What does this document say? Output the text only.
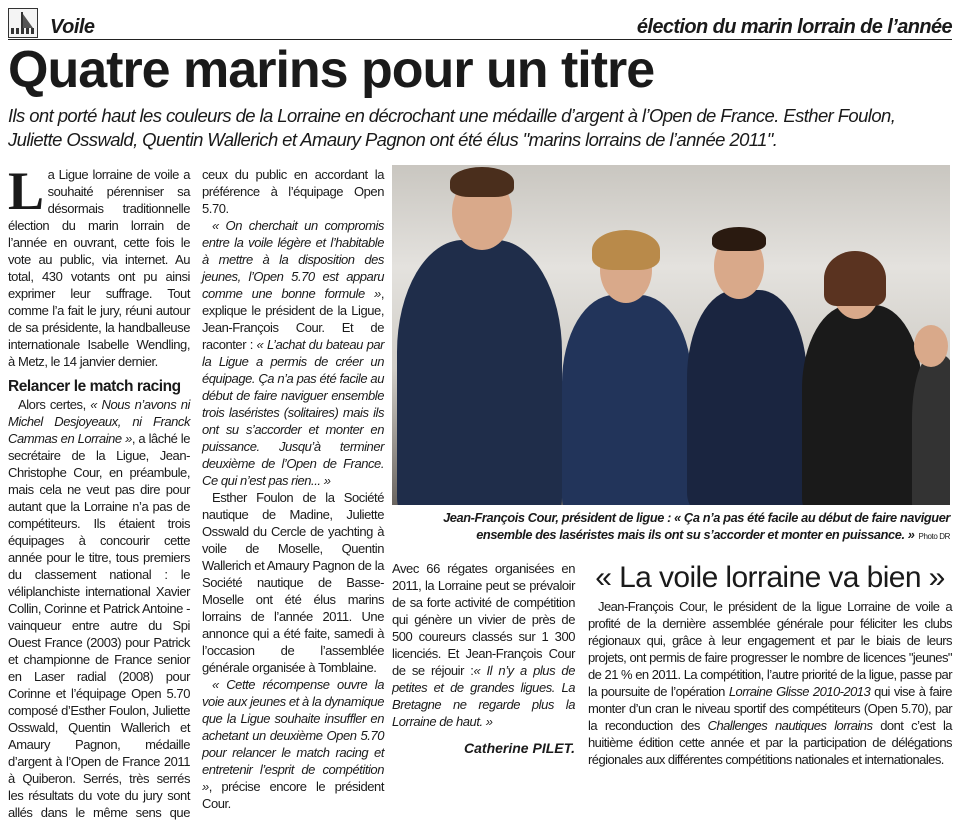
Voile	élection du marin lorrain de l’année
Quatre marins pour un titre
Ils ont porté haut les couleurs de la Lorraine en décrochant une médaille d’argent à l’Open de France. Esther Foulon, Juliette Osswald, Quentin Wallerich et Amaury Pagnon ont été élus "marins lorrains de l’année 2011".

La Ligue lorraine de voile a souhaité pérenniser sa désormais traditionnelle élection du marin lorrain de l’année en ouvrant, cette fois le vote au public, via internet. Au total, 430 votants ont pu ainsi exprimer leur suffrage. Tout comme l’a fait le jury, réuni autour de sa présidente, la handballeuse internationale Isabelle Wendling, à Metz, le 14 janvier dernier.

Relancer le match racing

Alors certes, « Nous n’avons ni Michel Desjoyeaux, ni Franck Cammas en Lorraine », a lâché le secrétaire de la Ligue, Jean-Christophe Cour, en préambule, mais cela ne veut pas dire pour autant que la Lorraine n’a pas de compétiteurs. Ils étaient trois équipages à concourir cette année pour le titre, tous premiers du classement national : le véliplanchiste international Xavier Collin, Corinne et Patrick Antoine - vainqueur entre autre du Spi Ouest France (2003) pour Patrick et championne de France senior en Laser radial (2008) pour Corinne et l’équipage Open 5.70 composé d’Esther Foulon, Juliette Osswald, Quentin Wallerich et Amaury Pagnon, médaille d’argent à l’Open de France 2011 à Quiberon. Serrés, très serrés les résultats du vote du jury sont allés dans le même sens que ceux du public en accordant la préférence à l’équipage Open 5.70.

« On cherchait un compromis entre la voile légère et l’habitable à mettre à la disposition des jeunes, l’Open 5.70 est apparu comme une bonne formule », explique le président de la Ligue, Jean-François Cour. Et de raconter : « L’achat du bateau par la Ligue a permis de créer un équipage. Ça n’a pas été facile au début de faire naviguer ensemble trois laséristes (solitaires) mais ils ont su s’accorder et monter en puissance. Jusqu’à terminer deuxième de l’Open de France. Ce qui n’est pas rien... »

Esther Foulon de la Société nautique de Madine, Juliette Osswald du Cercle de yachting à voile de Moselle, Quentin Wallerich et Amaury Pagnon de la Société nautique de Basse-Moselle ont été élus marins lorrains de l’année 2011. Une annonce qui a été faite, samedi à l’occasion de l’assemblée générale organisée à Tomblaine.

« Cette récompense ouvre la voie aux jeunes et à la dynamique que la Ligue souhaite insuffler en achetant un deuxième Open 5.70 pour relancer le match racing et entretenir l’esprit de compétition », précise encore le président Cour.

Jean-François Cour, président de ligue : « Ça n’a pas été facile au début de faire naviguer ensemble des laséristes mais ils ont su s’accorder et monter en puissance. » Photo DR

Avec 66 régates organisées en 2011, la Lorraine peut se prévaloir de sa forte activité de compétition qui génère un vivier de près de 500 coureurs classés sur 1 300 licenciés. Et Jean-François Cour de se réjouir :« Il n’y a plus de petites et de grandes ligues. La Bretagne ne regarde plus la Lorraine de haut. »

Catherine PILET.
« La voile lorraine va bien »

Jean-François Cour, le président de la ligue Lorraine de voile a profité de la dernière assemblée générale pour féliciter les clubs régionaux qui, grâce à leur engagement et par le biais de leurs projets, ont permis de faire progresser le nombre de licences "jeunes" de 21 % en 2011. La compétition, l’autre priorité de la ligue, passe par la poursuite de l’opération Lorraine Glisse 2010-2013 qui vise à faire monter d’un cran le niveau sportif des compétiteurs (Open 5.70), par la reconduction des Challenges nautiques lorrains dont c’est la huitième édition cette année et par la participation de délégations régionales aux différentes compétitions nationales et internationales.
